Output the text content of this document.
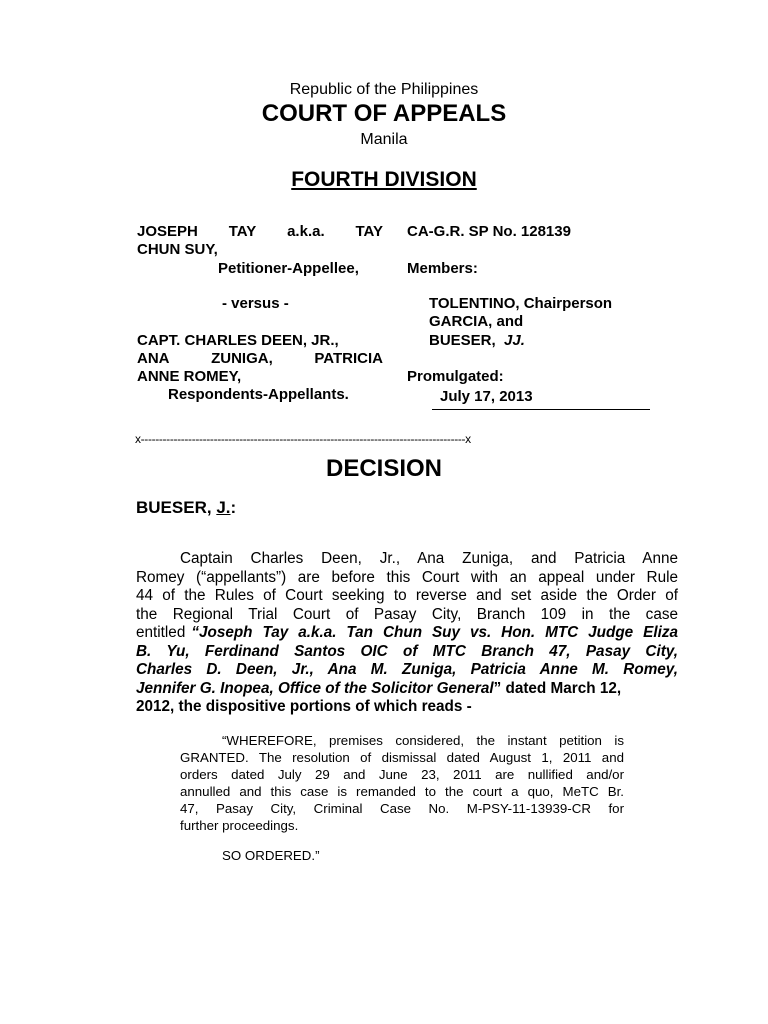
Republic of the Philippines
COURT OF APPEALS
Manila
FOURTH DIVISION
JOSEPH TAY a.k.a. TAY
CHUN SUY,
Petitioner-Appellee,
- versus -
CAPT. CHARLES DEEN, JR.,
ANA	ZUNIGA,	PATRICIA
ANNE ROMEY,
Respondents-Appellants.
CA-G.R. SP No. 128139
Members:
TOLENTINO, Chairperson
GARCIA, and
BUESER, JJ.
Promulgated:
July 17, 2013
x-----------------------------------------------------------------------------------------x
DECISION
BUESER, J.:
Captain Charles Deen, Jr., Ana Zuniga, and Patricia Anne
Romey (“appellants”) are before this Court with an appeal under Rule
44 of the Rules of Court seeking to reverse and set aside the Order of
the Regional Trial Court of Pasay City, Branch 109 in the case
entitled “Joseph Tay a.k.a. Tan Chun Suy vs. Hon. MTC Judge Eliza
B. Yu, Ferdinand Santos OIC of MTC Branch 47, Pasay City,
Charles D. Deen, Jr., Ana M. Zuniga, Patricia Anne M. Romey,
Jennifer G. Inopea, Office of the Solicitor General” dated March 12,
2012, the dispositive portions of which reads -
“WHEREFORE, premises considered, the instant petition is
GRANTED. The resolution of dismissal dated August 1, 2011 and
orders dated July 29 and June 23, 2011 are nullified and/or
annulled and this case is remanded to the court a quo, MeTC Br.
47, Pasay City, Criminal Case No. M-PSY-11-13939-CR for
further proceedings.
SO ORDERED.”
